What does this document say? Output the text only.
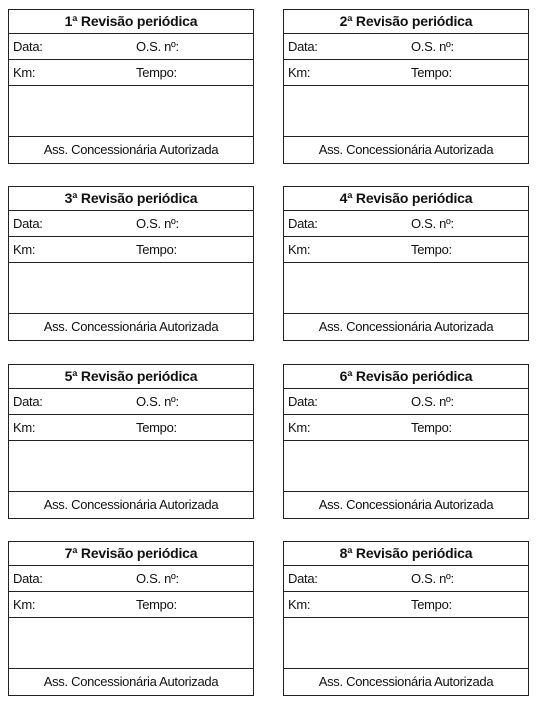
1ª Revisão periódica
Data:	O.S. nº:
Km:	Tempo:
Ass. Concessionária Autorizada
2ª Revisão periódica
Data:	O.S. nº:
Km:	Tempo:
Ass. Concessionária Autorizada
3ª Revisão periódica
Data:	O.S. nº:
Km:	Tempo:
Ass. Concessionária Autorizada
4ª Revisão periódica
Data:	O.S. nº:
Km:	Tempo:
Ass. Concessionária Autorizada
5ª Revisão periódica
Data:	O.S. nº:
Km:	Tempo:
Ass. Concessionária Autorizada
6ª Revisão periódica
Data:	O.S. nº:
Km:	Tempo:
Ass. Concessionária Autorizada
7ª Revisão periódica
Data:	O.S. nº:
Km:	Tempo:
Ass. Concessionária Autorizada
8ª Revisão periódica
Data:	O.S. nº:
Km:	Tempo:
Ass. Concessionária Autorizada
